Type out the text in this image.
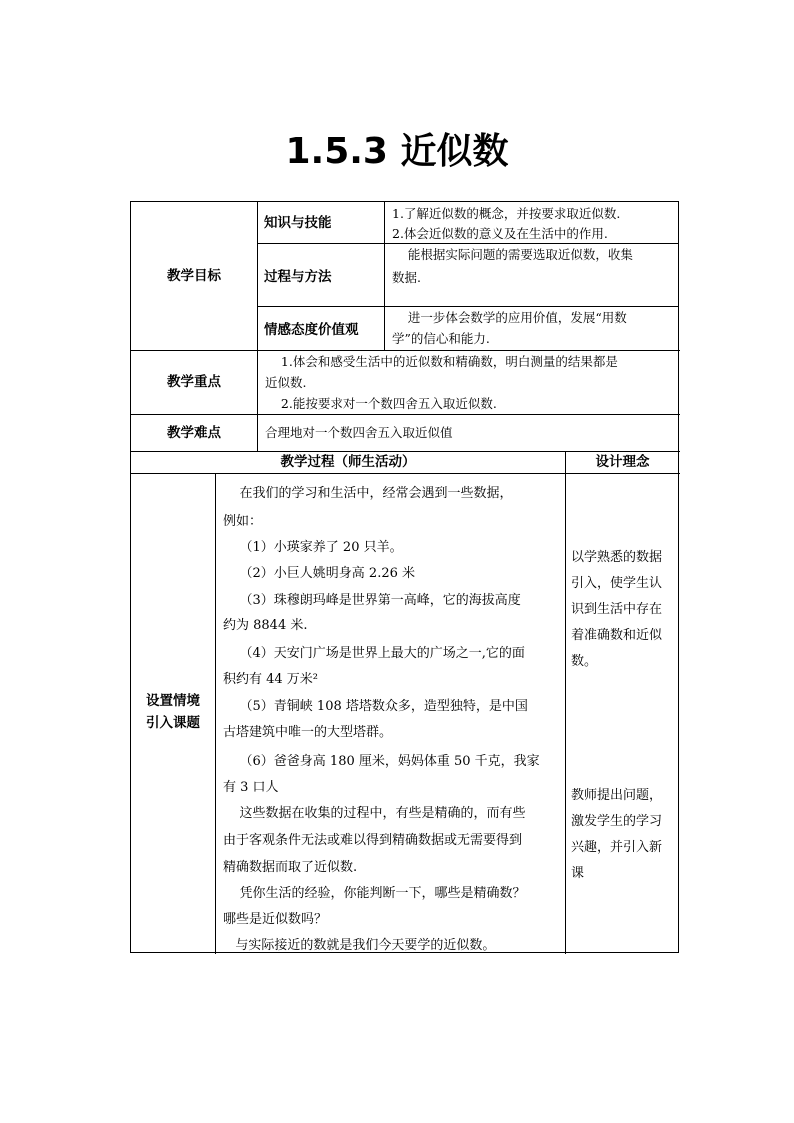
1.5.3 近似数
教学目标
知识与技能
1.了解近似数的概念，并按要求取近似数.
2.体会近似数的意义及在生活中的作用.
过程与方法
能根据实际问题的需要选取近似数，收集
数据.
情感态度价值观
进一步体会数学的应用价值，发展“用数
学”的信心和能力.
教学重点
1.体会和感受生活中的近似数和精确数，明白测量的结果都是
近似数.
2.能按要求对一个数四舍五入取近似数.
教学难点	合理地对一个数四舍五入取近似值
教学过程（师生活动）	设计理念
设置情境
引入课题
在我们的学习和生活中，经常会遇到一些数据，
例如：
（1）小瑛家养了 20 只羊。
（2）小巨人姚明身高 2.26 米
（3）珠穆朗玛峰是世界第一高峰，它的海拔高度
约为 8844 米.
（4）天安门广场是世界上最大的广场之一,它的面
积约有 44 万米²
（5）青铜峡 108 塔塔数众多，造型独特，是中国
古塔建筑中唯一的大型塔群。
（6）爸爸身高 180 厘米，妈妈体重 50 千克，我家
有 3 口人
这些数据在收集的过程中，有些是精确的，而有些
由于客观条件无法或难以得到精确数据或无需要得到
精确数据而取了近似数.
凭你生活的经验，你能判断一下，哪些是精确数？
哪些是近似数吗？
与实际接近的数就是我们今天要学的近似数。
以学熟悉的数据
引入，使学生认
识到生活中存在
着准确数和近似
数。
教师提出问题，
激发学生的学习
兴趣，并引入新
课
